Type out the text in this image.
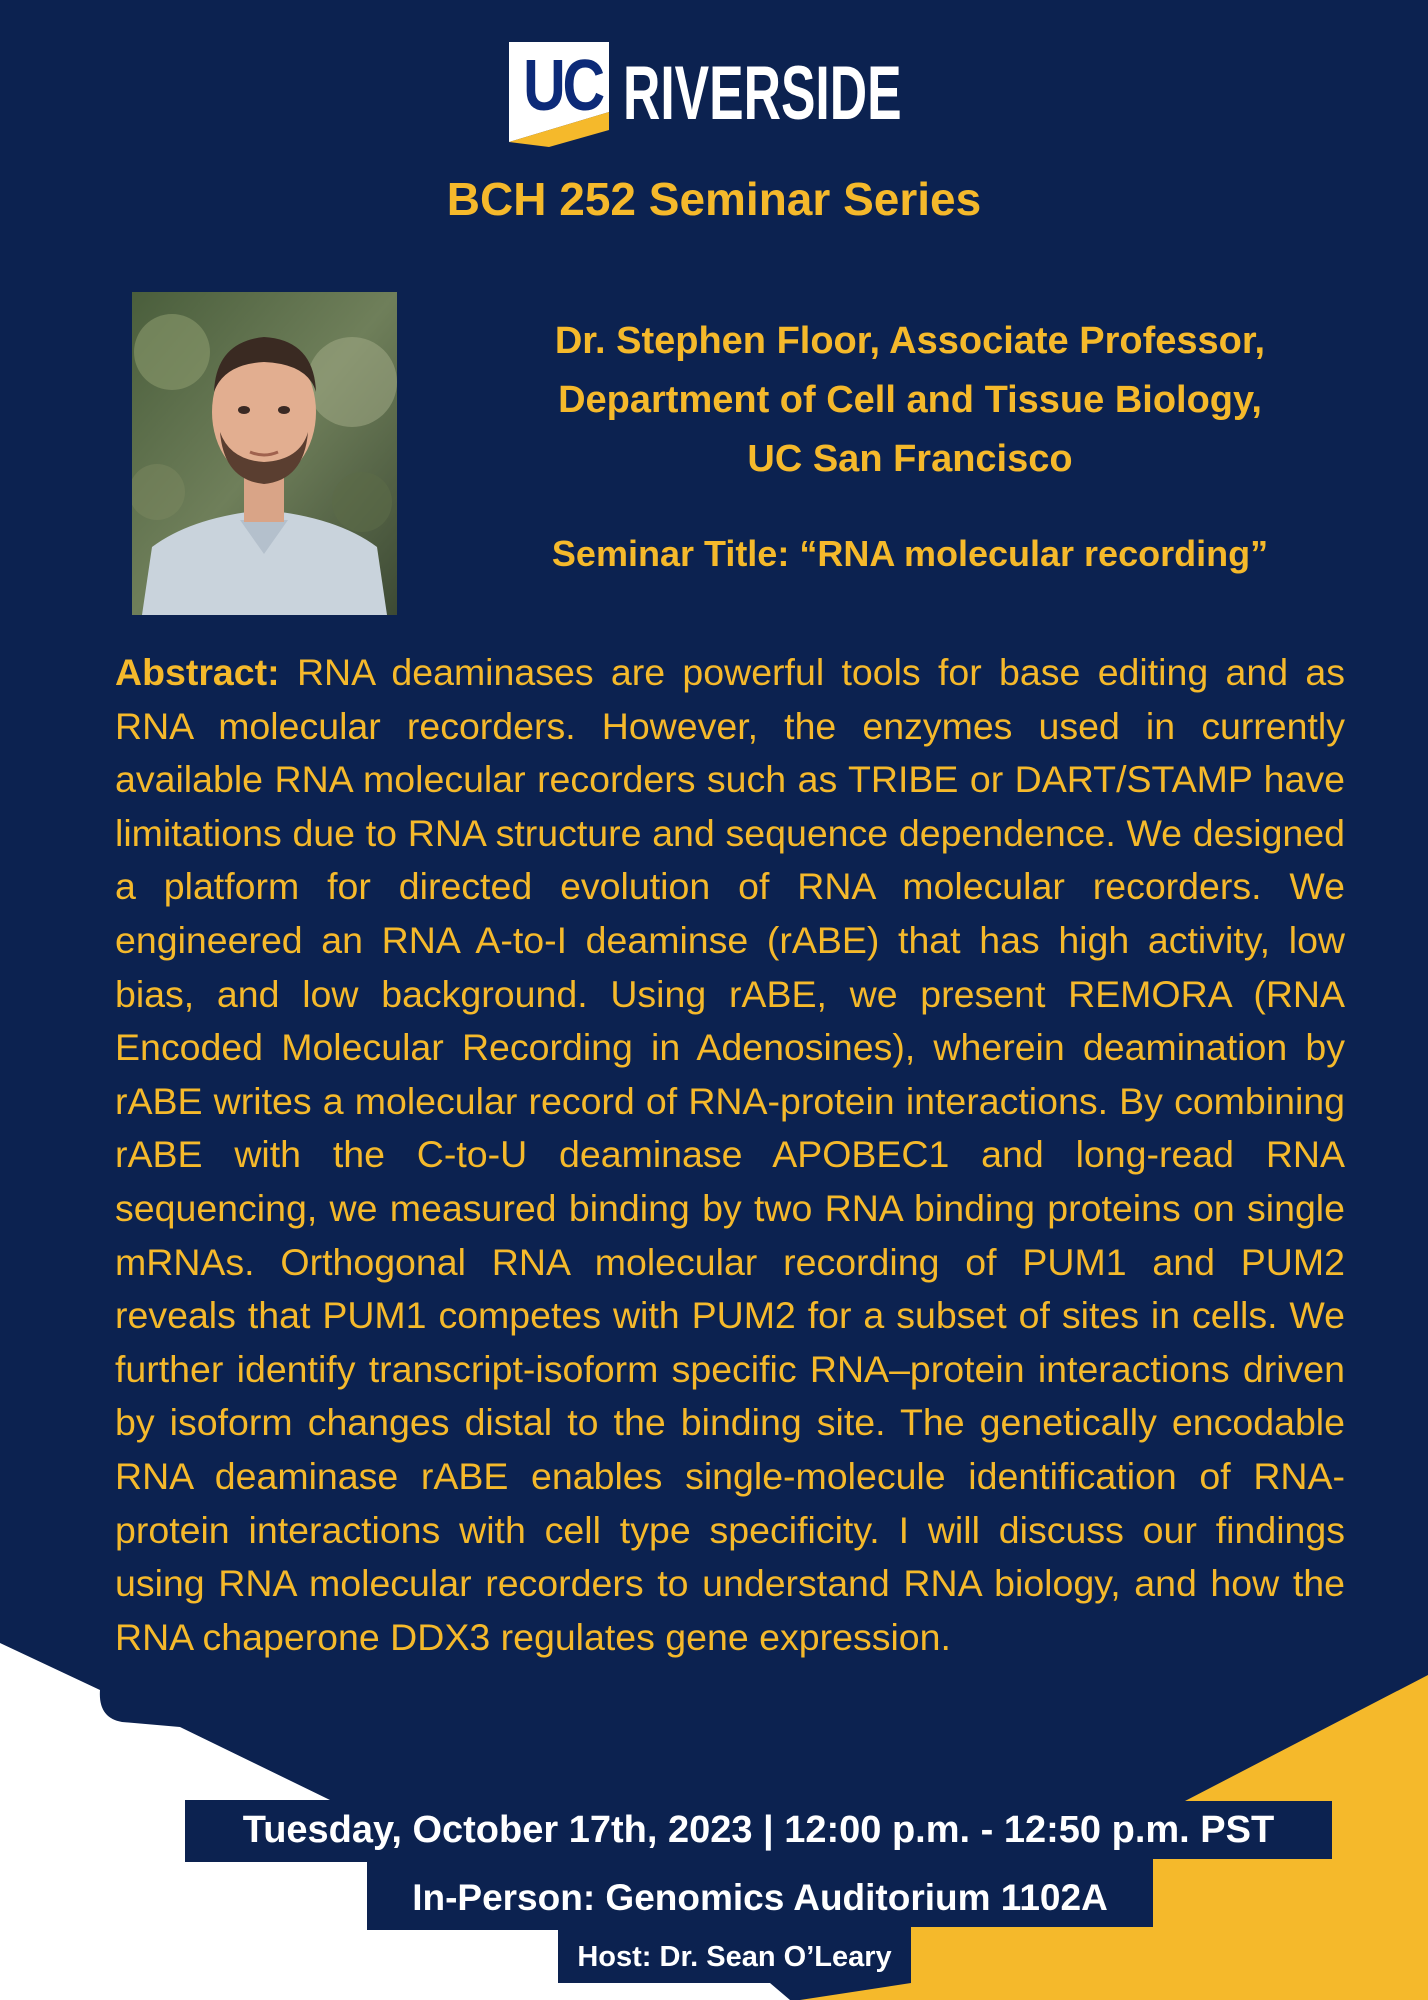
UC RIVERSIDE
BCH 252 Seminar Series
Dr. Stephen Floor, Associate Professor,
Department of Cell and Tissue Biology,
UC San Francisco
Seminar Title: “RNA molecular recording”
Abstract: RNA deaminases are powerful tools for base editing and as RNA molecular recorders. However, the enzymes used in currently available RNA molecular recorders such as TRIBE or DART/STAMP have limitations due to RNA structure and sequence dependence. We designed a platform for directed evolution of RNA molecular recorders. We engineered an RNA A-to-I deaminse (rABE) that has high activity, low bias, and low background. Using rABE, we present REMORA (RNA Encoded Molecular Recording in Adenosines), wherein deamination by rABE writes a molecular record of RNA-protein interactions. By combining rABE with the C-to-U deaminase APOBEC1 and long-read RNA sequencing, we measured binding by two RNA binding proteins on single mRNAs. Orthogonal RNA molecular recording of PUM1 and PUM2 reveals that PUM1 competes with PUM2 for a subset of sites in cells. We further identify transcript-isoform specific RNA–protein interactions driven by isoform changes distal to the binding site. The genetically encodable RNA deaminase rABE enables single-molecule identification of RNA-protein interactions with cell type specificity. I will discuss our findings using RNA molecular recorders to understand RNA biology, and how the RNA chaperone DDX3 regulates gene expression.
Tuesday, October 17th, 2023 | 12:00 p.m. - 12:50 p.m. PST
In-Person: Genomics Auditorium 1102A
Host: Dr. Sean O’Leary
